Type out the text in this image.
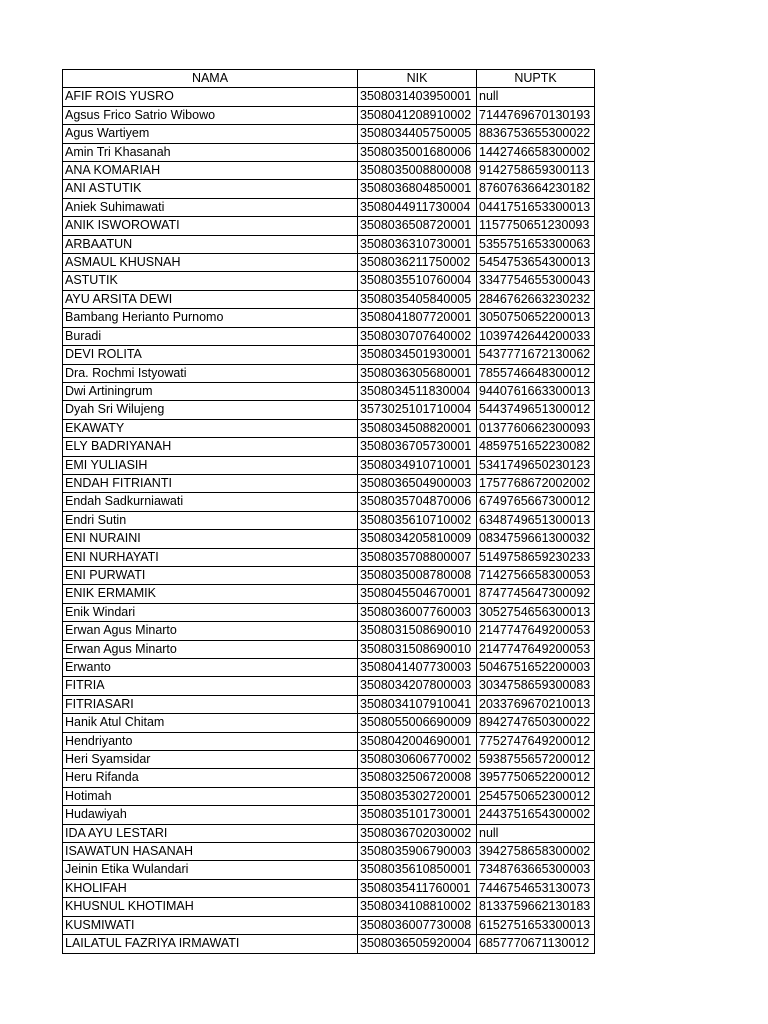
NAMA	NIK	NUPTK
AFIF ROIS YUSRO	3508031403950001	null
Agsus Frico Satrio Wibowo	3508041208910002	7144769670130193
Agus Wartiyem	3508034405750005	8836753655300022
Amin Tri Khasanah	3508035001680006	1442746658300002
ANA KOMARIAH	3508035008800008	9142758659300113
ANI ASTUTIK	3508036804850001	8760763664230182
Aniek Suhimawati	3508044911730004	0441751653300013
ANIK ISWOROWATI	3508036508720001	1157750651230093
ARBAATUN	3508036310730001	5355751653300063
ASMAUL KHUSNAH	3508036211750002	5454753654300013
ASTUTIK	3508035510760004	3347754655300043
AYU ARSITA DEWI	3508035405840005	2846762663230232
Bambang Herianto Purnomo	3508041807720001	3050750652200013
Buradi	3508030707640002	1039742644200033
DEVI ROLITA	3508034501930001	5437771672130062
Dra. Rochmi Istyowati	3508036305680001	7855746648300012
Dwi Artiningrum	3508034511830004	9440761663300013
Dyah Sri Wilujeng	3573025101710004	5443749651300012
EKAWATY	3508034508820001	0137760662300093
ELY BADRIYANAH	3508036705730001	4859751652230082
EMI YULIASIH	3508034910710001	5341749650230123
ENDAH FITRIANTI	3508036504900003	1757768672002002
Endah Sadkurniawati	3508035704870006	6749765667300012
Endri Sutin	3508035610710002	6348749651300013
ENI NURAINI	3508034205810009	0834759661300032
ENI NURHAYATI	3508035708800007	5149758659230233
ENI PURWATI	3508035008780008	7142756658300053
ENIK ERMAMIK	3508045504670001	8747745647300092
Enik Windari	3508036007760003	3052754656300013
Erwan Agus Minarto	3508031508690010	2147747649200053
Erwan Agus Minarto	3508031508690010	2147747649200053
Erwanto	3508041407730003	5046751652200003
FITRIA	3508034207800003	3034758659300083
FITRIASARI	3508034107910041	2033769670210013
Hanik Atul Chitam	3508055006690009	8942747650300022
Hendriyanto	3508042004690001	7752747649200012
Heri Syamsidar	3508030606770002	5938755657200012
Heru Rifanda	3508032506720008	3957750652200012
Hotimah	3508035302720001	2545750652300012
Hudawiyah	3508035101730001	2443751654300002
IDA AYU LESTARI	3508036702030002	null
ISAWATUN HASANAH	3508035906790003	3942758658300002
Jeinin Etika Wulandari	3508035610850001	7348763665300003
KHOLIFAH	3508035411760001	7446754653130073
KHUSNUL KHOTIMAH	3508034108810002	8133759662130183
KUSMIWATI	3508036007730008	6152751653300013
LAILATUL FAZRIYA IRMAWATI	3508036505920004	6857770671130012
